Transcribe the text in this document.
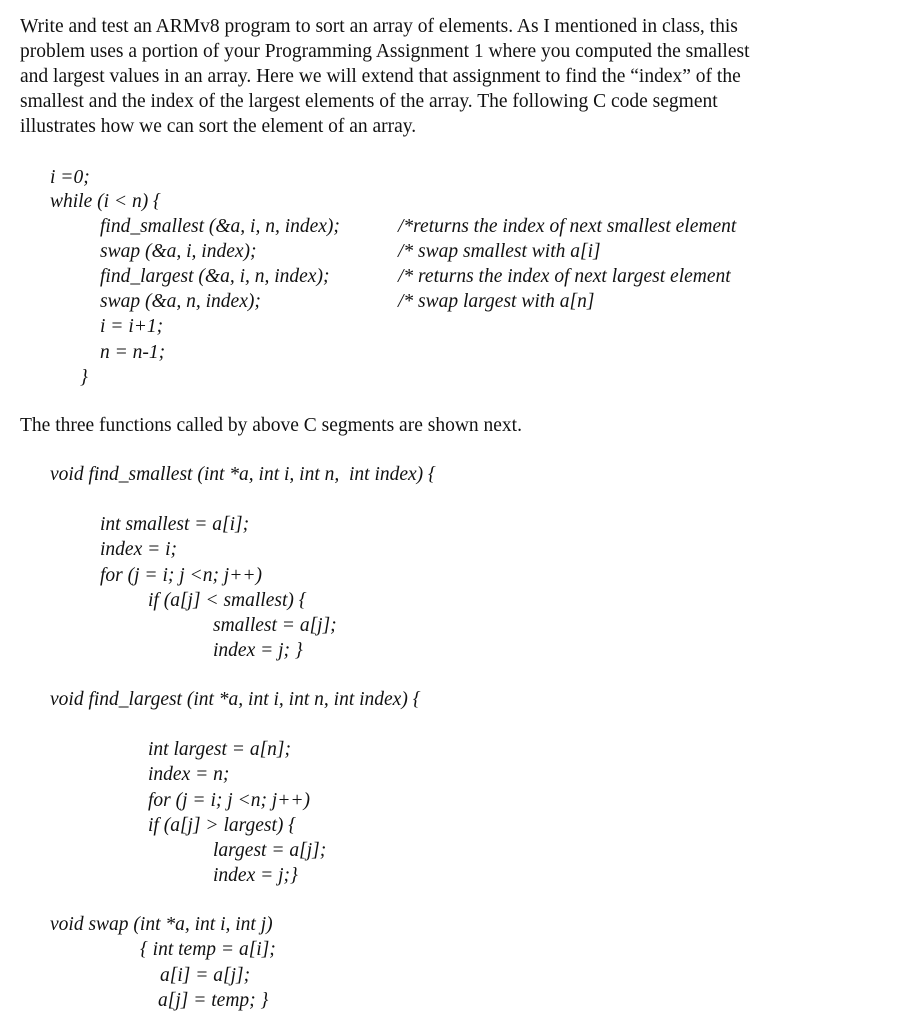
Write and test an ARMv8 program to sort an array of elements. As I mentioned in class, this
problem uses a portion of your Programming Assignment 1 where you computed the smallest
and largest values in an array. Here we will extend that assignment to find the “index” of the
smallest and the index of the largest elements of the array. The following C code segment
illustrates how we can sort the element of an array.
i =0;
while (i < n) {
find_smallest (&a, i, n, index);
swap (&a, i, index);
find_largest (&a, i, n, index);
swap (&a, n, index);
i = i+1;
n = n-1;
}
/*returns the index of next smallest element
/* swap smallest with a[i]
/* returns the index of next largest element
/* swap largest with a[n]
The three functions called by above C segments are shown next.
void find_smallest (int *a, int i, int n,  int index) {
int smallest = a[i];
index = i;
for (j = i; j <n; j++)
if (a[j] < smallest) {
smallest = a[j];
index = j; }
void find_largest (int *a, int i, int n, int index) {
int largest = a[n];
index = n;
for (j = i; j <n; j++)
if (a[j] > largest) {
largest = a[j];
index = j;}
void swap (int *a, int i, int j)
{ int temp = a[i];
a[i] = a[j];
a[j] = temp; }
